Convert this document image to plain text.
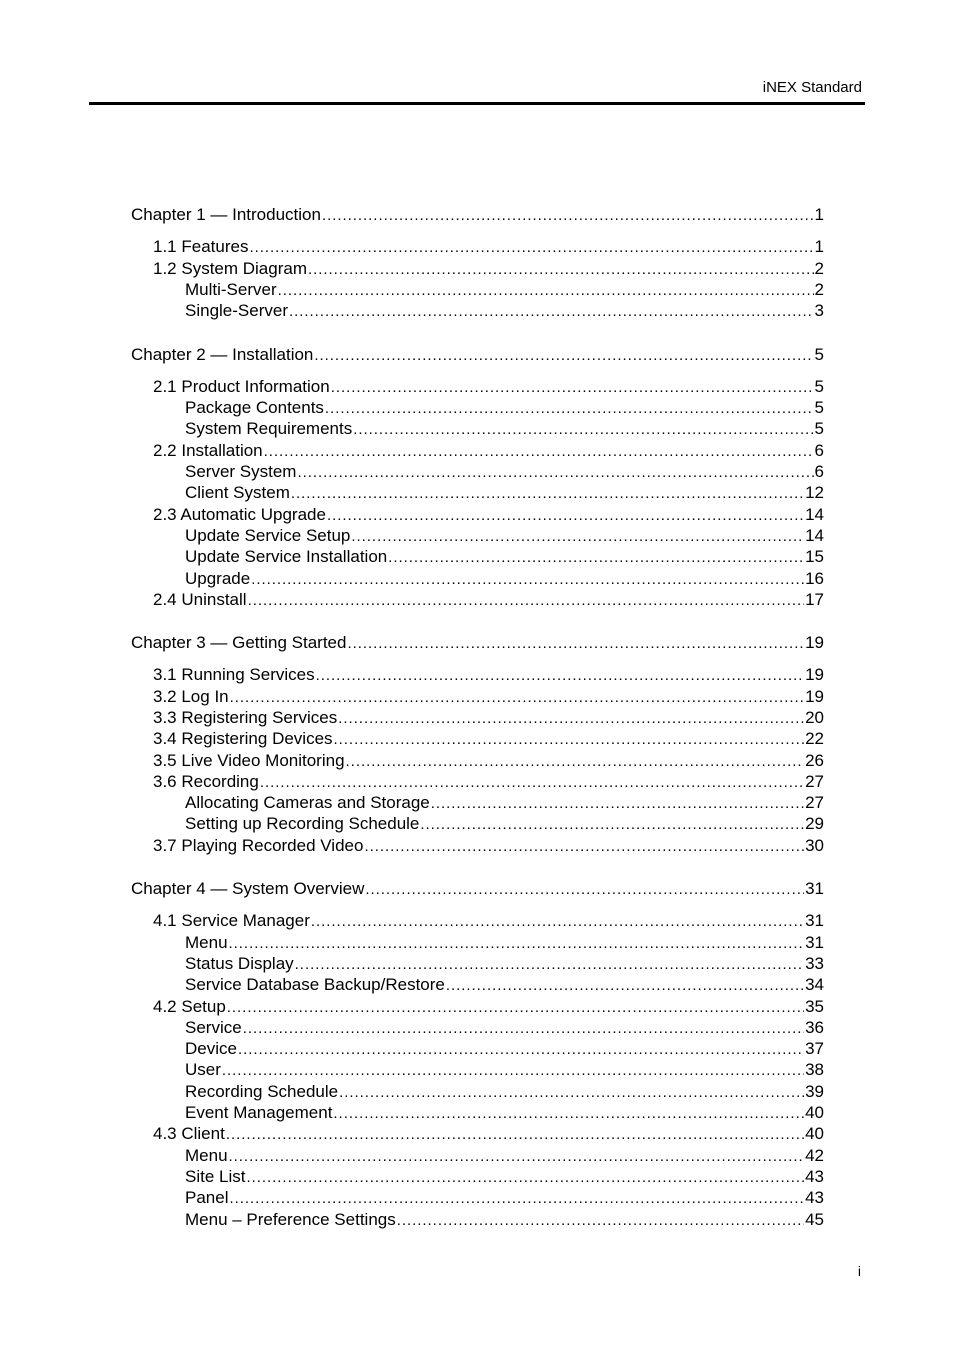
iNEX Standard
Chapter 1 — Introduction . . .	1
1.1 Features . . .	1
1.2 System Diagram . . .	2
Multi-Server . . .	2
Single-Server . . .	3
Chapter 2 — Installation . . .	5
2.1 Product Information . . .	5
Package Contents . . .	5
System Requirements . . .	5
2.2 Installation . . .	6
Server System . . .	6
Client System . . .	12
2.3 Automatic Upgrade . . .	14
Update Service Setup . . .	14
Update Service Installation . . .	15
Upgrade . . .	16
2.4 Uninstall . . .	17
Chapter 3 — Getting Started . . .	19
3.1 Running Services . . .	19
3.2 Log In . . .	19
3.3 Registering Services . . .	20
3.4 Registering Devices . . .	22
3.5 Live Video Monitoring . . .	26
3.6 Recording . . .	27
Allocating Cameras and Storage . . .	27
Setting up Recording Schedule . . .	29
3.7 Playing Recorded Video . . .	30
Chapter 4 — System Overview . . .	31
4.1 Service Manager . . .	31
Menu . . .	31
Status Display . . .	33
Service Database Backup/Restore . . .	34
4.2 Setup . . .	35
Service . . .	36
Device . . .	37
User . . .	38
Recording Schedule . . .	39
Event Management . . .	40
4.3 Client . . .	40
Menu . . .	42
Site List . . .	43
Panel . . .	43
Menu – Preference Settings . . .	45
i
